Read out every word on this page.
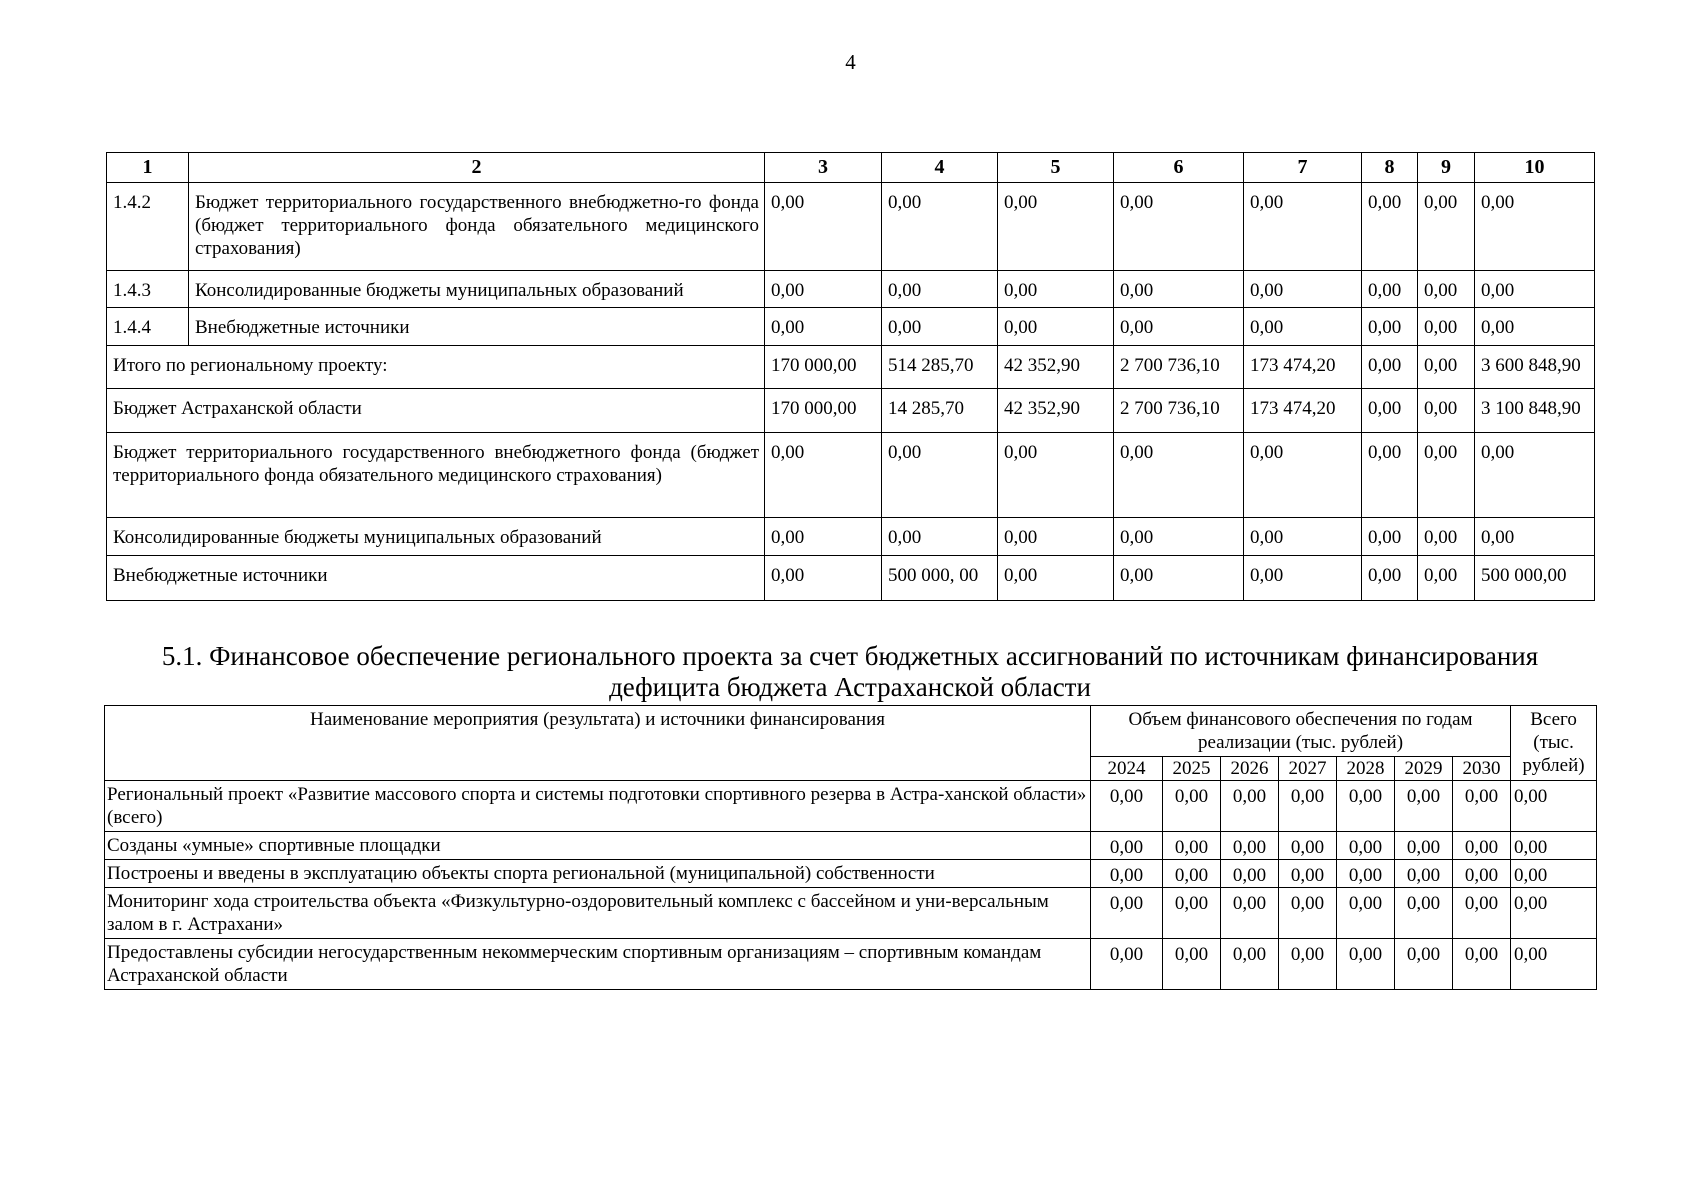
4
1	2	3	4	5	6	7	8	9	10
1.4.2	Бюджет территориального государственного внебюджетно-го фонда (бюджет территориального фонда обязательного медицинского страхования)	0,00	0,00	0,00	0,00	0,00	0,00	0,00	0,00
1.4.3	Консолидированные бюджеты муниципальных образований	0,00	0,00	0,00	0,00	0,00	0,00	0,00	0,00
1.4.4	Внебюджетные источники	0,00	0,00	0,00	0,00	0,00	0,00	0,00	0,00
Итого по региональному проекту:		170 000,00	514 285,70	42 352,90	2 700 736,10	173 474,20	0,00	0,00	3 600 848,90
Бюджет Астраханской области		170 000,00	14 285,70	42 352,90	2 700 736,10	173 474,20	0,00	0,00	3 100 848,90
Бюджет территориального государственного внебюджетного фонда (бюджет территориального фонда обязательного медицинского страхования)		0,00	0,00	0,00	0,00	0,00	0,00	0,00	0,00
Консолидированные бюджеты муниципальных образований		0,00	0,00	0,00	0,00	0,00	0,00	0,00	0,00
Внебюджетные источники		0,00	500 000, 00	0,00	0,00	0,00	0,00	0,00	500 000,00
5.1. Финансовое обеспечение регионального проекта за счет бюджетных ассигнований по источникам финансирования
дефицита бюджета Астраханской области
Наименование мероприятия (результата) и источники финансирования	Объем финансового обеспечения по годам реализации (тыс. рублей)							Всего (тыс. рублей)
	2024	2025	2026	2027	2028	2029	2030	
Региональный проект «Развитие массового спорта и системы подготовки спортивного резерва в Астра-ханской области» (всего)	0,00	0,00	0,00	0,00	0,00	0,00	0,00	0,00
Созданы «умные» спортивные площадки	0,00	0,00	0,00	0,00	0,00	0,00	0,00	0,00
Построены и введены в эксплуатацию объекты спорта региональной (муниципальной) собственности	0,00	0,00	0,00	0,00	0,00	0,00	0,00	0,00
Мониторинг хода строительства объекта «Физкультурно-оздоровительный комплекс с бассейном и уни-версальным залом в г. Астрахани»	0,00	0,00	0,00	0,00	0,00	0,00	0,00	0,00
Предоставлены субсидии негосударственным некоммерческим спортивным организациям – спортивным командам Астраханской области	0,00	0,00	0,00	0,00	0,00	0,00	0,00	0,00
